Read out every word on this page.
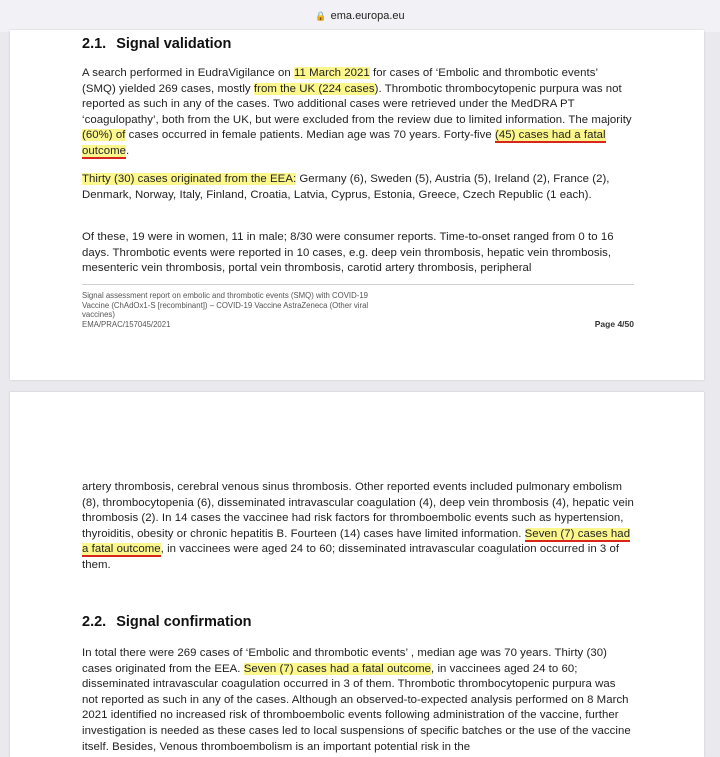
🔒 ema.europa.eu
2.1. Signal validation

A search performed in EudraVigilance on 11 March 2021 for cases of ‘Embolic and thrombotic events’ (SMQ) yielded 269 cases, mostly from the UK (224 cases). Thrombotic thrombocytopenic purpura was not reported as such in any of the cases. Two additional cases were retrieved under the MedDRA PT ‘coagulopathy’, both from the UK, but were excluded from the review due to limited information. The majority (60%) of cases occurred in female patients. Median age was 70 years. Forty-five (45) cases had a fatal outcome.

Thirty (30) cases originated from the EEA: Germany (6), Sweden (5), Austria (5), Ireland (2), France (2), Denmark, Norway, Italy, Finland, Croatia, Latvia, Cyprus, Estonia, Greece, Czech Republic (1 each).

Of these, 19 were in women, 11 in male; 8/30 were consumer reports. Time-to-onset ranged from 0 to 16 days. Thrombotic events were reported in 10 cases, e.g. deep vein thrombosis, hepatic vein thrombosis, mesenteric vein thrombosis, portal vein thrombosis, carotid artery thrombosis, peripheral

Signal assessment report on embolic and thrombotic events (SMQ) with COVID-19
Vaccine (ChAdOx1-S [recombinant]) – COVID-19 Vaccine AstraZeneca (Other viral
vaccines)
EMA/PRAC/157045/2021	Page 4/50

artery thrombosis, cerebral venous sinus thrombosis. Other reported events included pulmonary embolism (8), thrombocytopenia (6), disseminated intravascular coagulation (4), deep vein thrombosis (4), hepatic vein thrombosis (2). In 14 cases the vaccinee had risk factors for thromboembolic events such as hypertension, thyroiditis, obesity or chronic hepatitis B. Fourteen (14) cases have limited information. Seven (7) cases had a fatal outcome, in vaccinees were aged 24 to 60; disseminated intravascular coagulation occurred in 3 of them.

2.2. Signal confirmation

In total there were 269 cases of ‘Embolic and thrombotic events’ , median age was 70 years. Thirty (30) cases originated from the EEA. Seven (7) cases had a fatal outcome, in vaccinees aged 24 to 60; disseminated intravascular coagulation occurred in 3 of them. Thrombotic thrombocytopenic purpura was not reported as such in any of the cases. Although an observed-to-expected analysis performed on 8 March 2021 identified no increased risk of thromboembolic events following administration of the vaccine, further investigation is needed as these cases led to local suspensions of specific batches or the use of the vaccine itself. Besides, Venous thromboembolism is an important potential risk in the
